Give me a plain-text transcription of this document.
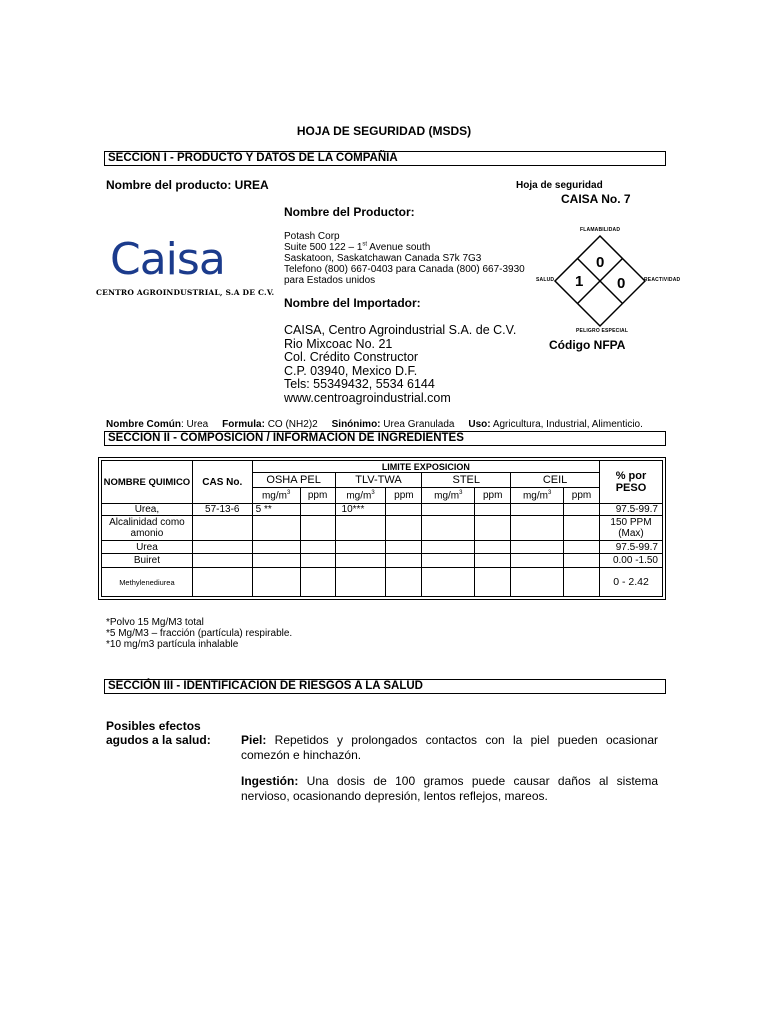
HOJA DE SEGURIDAD (MSDS)
SECCION I - PRODUCTO Y DATOS DE LA COMPAÑIA
Nombre del producto: UREA	Hoja de seguridad
CAISA No. 7
Caisa
CENTRO AGROINDUSTRIAL, S.A DE C.V.
Nombre del Productor:
Potash Corp
Suite 500 122 – 1st Avenue south
Saskatoon, Saskatchawan Canada S7k 7G3
Telefono (800) 667-0403 para Canada (800) 667-3930
para Estados unidos
Nombre del Importador:
CAISA, Centro Agroindustrial S.A. de C.V.
Rio Mixcoac No. 21
Col. Crédito Constructor
C.P. 03940, Mexico D.F.
Tels: 55349432, 5534 6144
www.centroagroindustrial.com
FLAMABILIDAD
SALUD	REACTIVIDAD
PELIGRO ESPECIAL
0
1 0
Código NFPA
Nombre Común: Urea Formula: CO (NH2)2 Sinónimo: Urea Granulada Uso: Agricultura, Industrial, Alimenticio.
SECCION II - COMPOSICION / INFORMACION DE INGREDIENTES
NOMBRE QUIMICO	CAS No.	LIMITE EXPOSICION								% por PESO
		OSHA PEL		TLV-TWA		STEL		CEIL		
		$mg/m^3$	ppm	$mg/m^3$	ppm	$mg/m^3$	ppm	$mg/m^3$	ppm	
Urea,	57-13-6	5 **		10***						97.5-99.7
Alcalinidad como amonio										150 PPM (Max)
Urea										97.5-99.7
Buiret										0.00 -1.50
Methylenediurea										0 - 2.42
*Polvo 15 Mg/M3 total
*5 Mg/M3 – fracción (partícula) respirable.
*10 mg/m3 partícula inhalable
SECCIÓN III - IDENTIFICACION DE RIESGOS A LA SALUD
Posibles efectos
agudos a la salud:	Piel: Repetidos y prolongados contactos con la piel pueden ocasionar comezón e hinchazón.
Ingestión: Una dosis de 100 gramos puede causar daños al sistema nervioso, ocasionando depresión, lentos reflejos, mareos.
